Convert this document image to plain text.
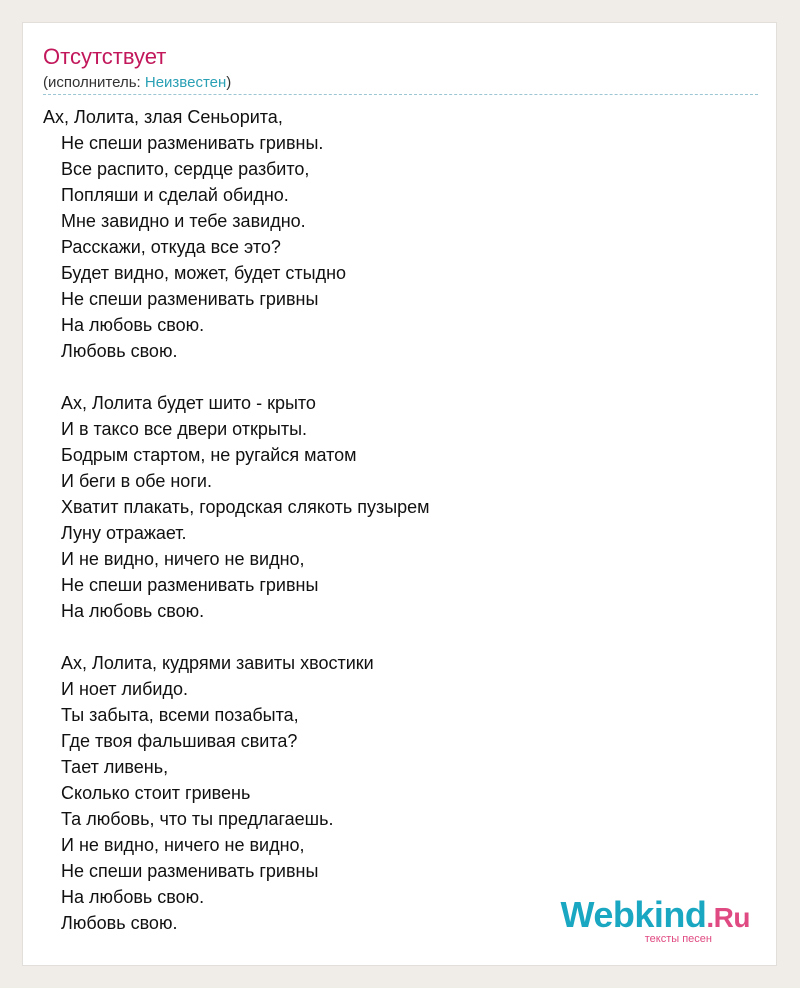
Отсутствует
(исполнитель: Неизвестен)
Ах, Лолита, злая Сеньорита,
Не спеши разменивать гривны.
Все распито, сердце разбито,
Попляши и сделай обидно.
Мне завидно и тебе завидно.
Расскажи, откуда все это?
Будет видно, может, будет стыдно
Не спеши разменивать гривны
На любовь свою.
Любовь свою.
Ах, Лолита будет шито - крыто
И в таксо все двери открыты.
Бодрым стартом, не ругайся матом
И беги в обе ноги.
Хватит плакать, городская слякоть пузырем
Луну отражает.
И не видно, ничего не видно,
Не спеши разменивать гривны
На любовь свою.
Ах, Лолита, кудрями завиты хвостики
И ноет либидо.
Ты забыта, всеми позабыта,
Где твоя фальшивая свита?
Тает ливень,
Сколько стоит гривень
Та любовь, что ты предлагаешь.
И не видно, ничего не видно,
Не спеши разменивать гривны
На любовь свою.
Любовь свою.	Webkind.Ru
тексты песен
